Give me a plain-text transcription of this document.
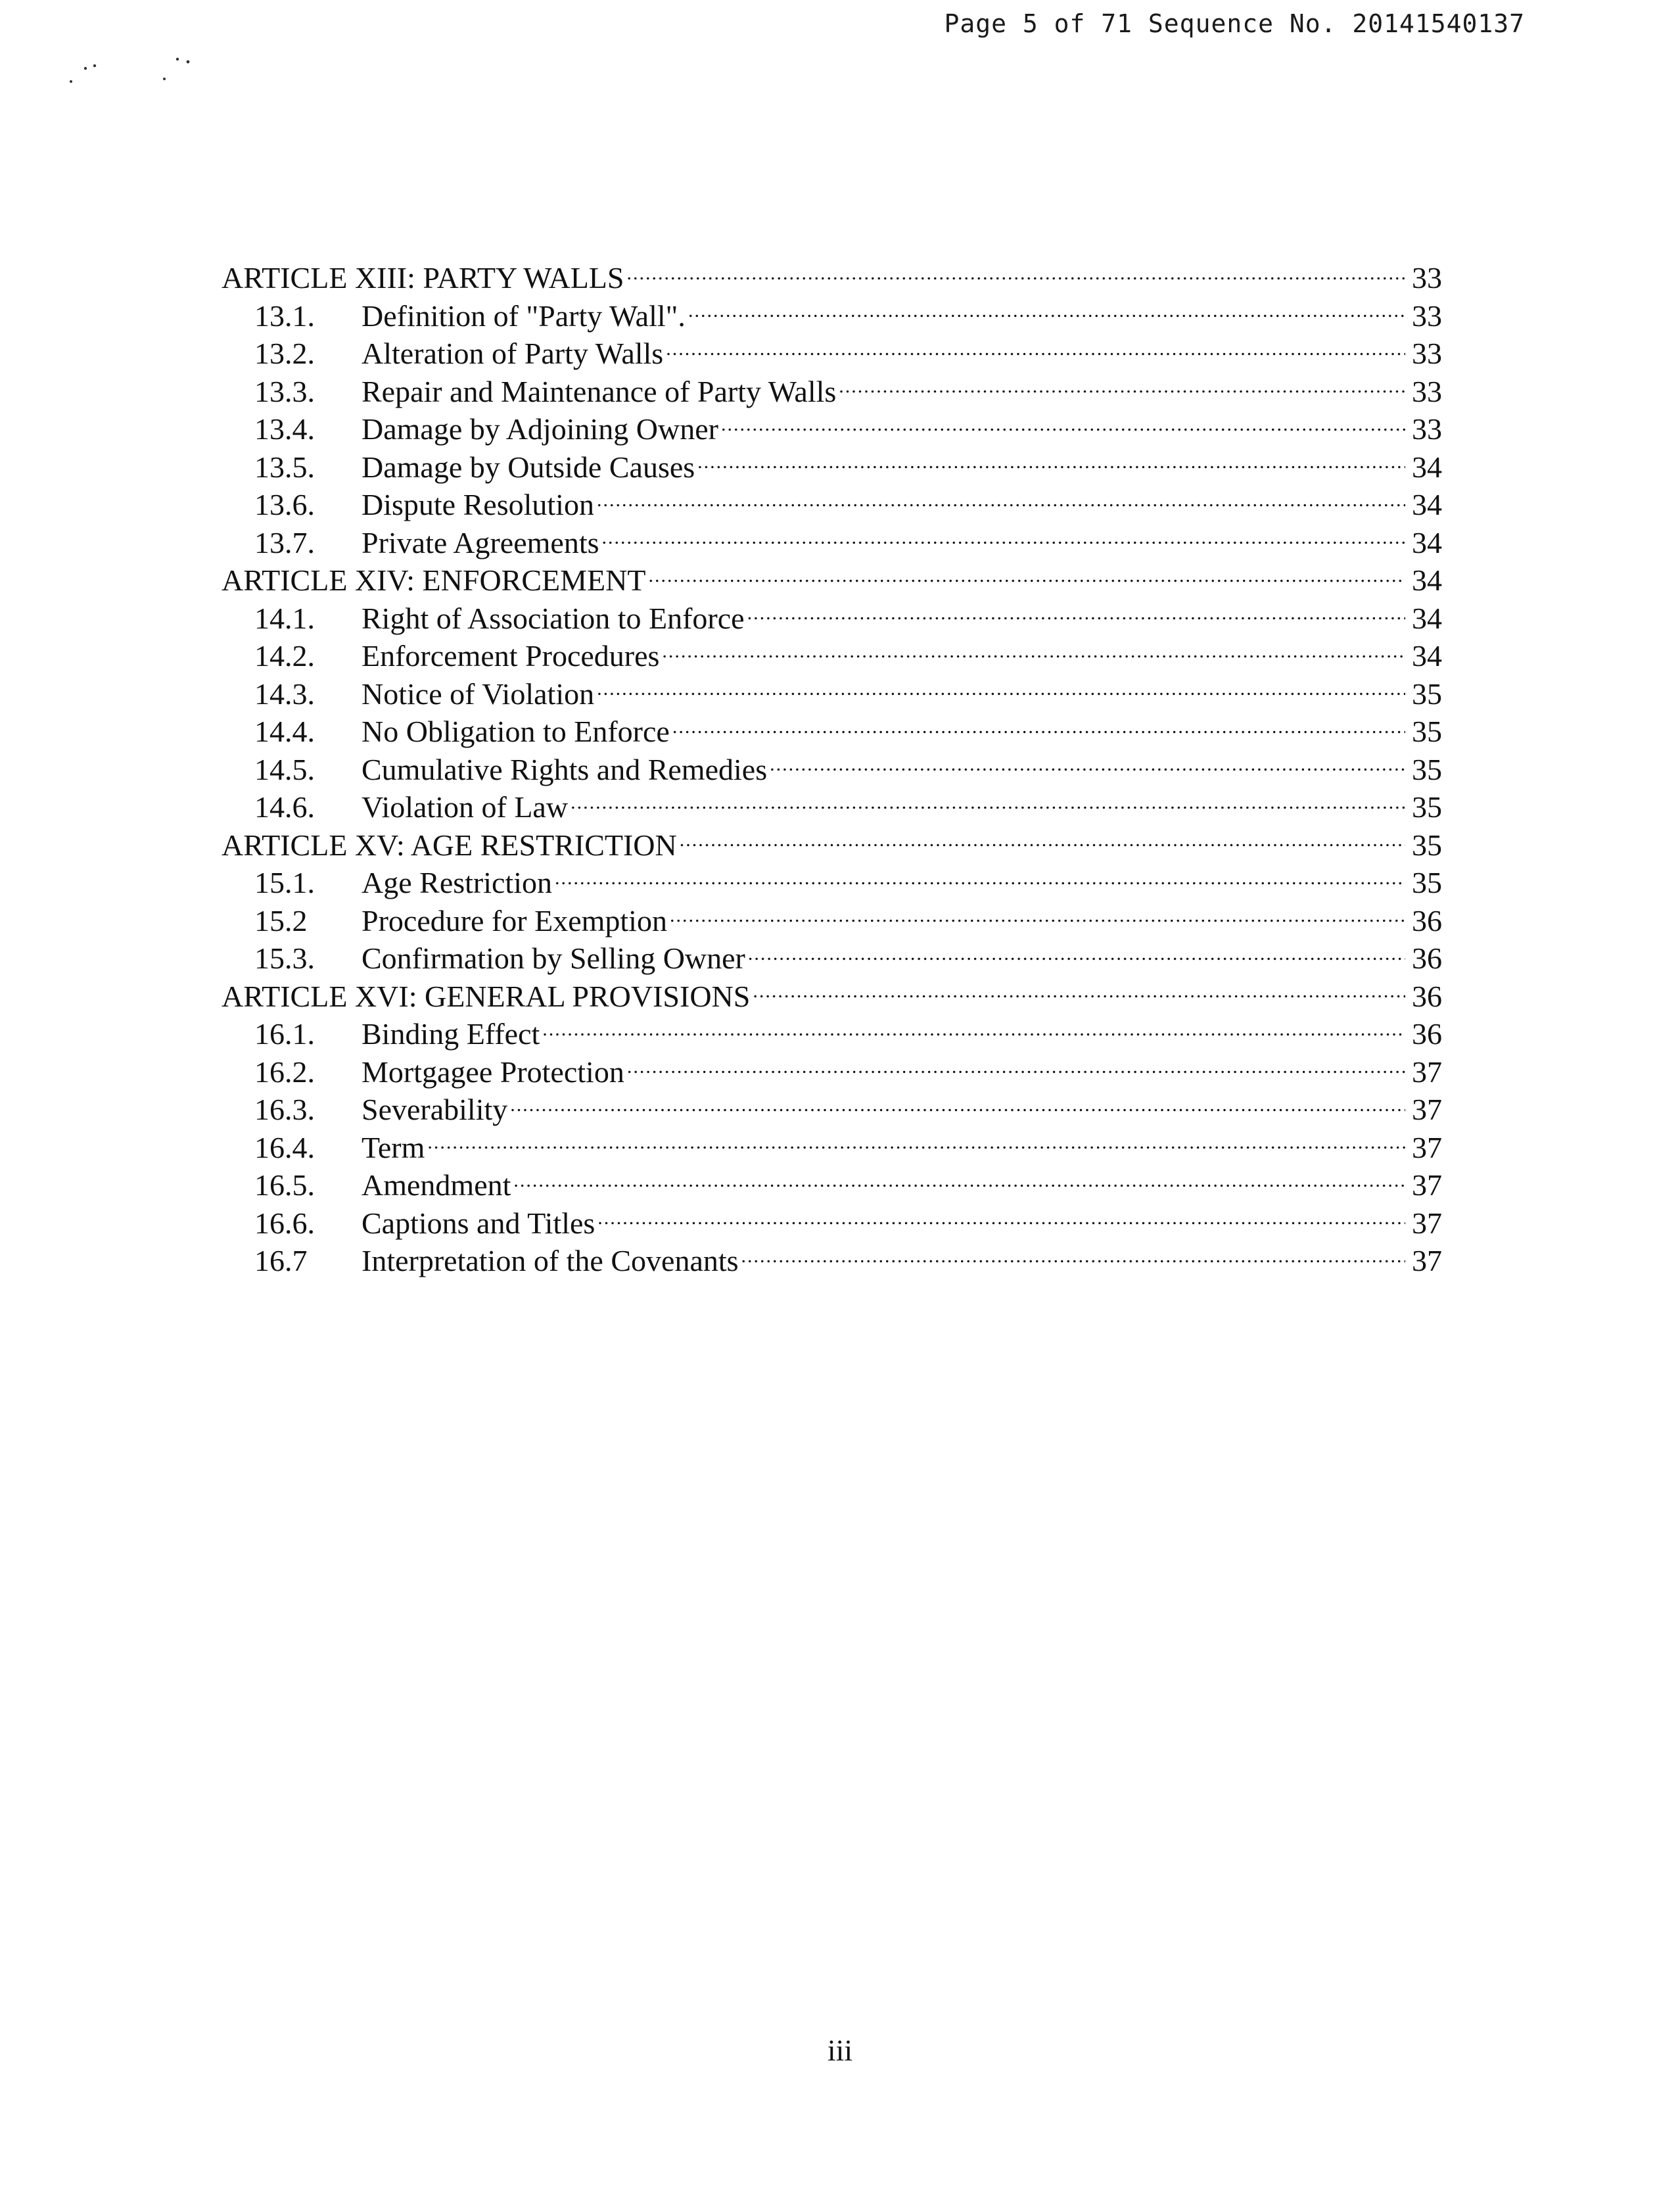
Page 5 of 71 Sequence No. 20141540137
ARTICLE XIII: PARTY WALLS .....	33
13.1.	Definition of "Party Wall". .....	33
13.2.	Alteration of Party Walls .....	33
13.3.	Repair and Maintenance of Party Walls .....	33
13.4.	Damage by Adjoining Owner .....	33
13.5.	Damage by Outside Causes .....	34
13.6.	Dispute Resolution .....	34
13.7.	Private Agreements .....	34
ARTICLE XIV: ENFORCEMENT .....	34
14.1.	Right of Association to Enforce .....	34
14.2.	Enforcement Procedures .....	34
14.3.	Notice of Violation .....	35
14.4.	No Obligation to Enforce .....	35
14.5.	Cumulative Rights and Remedies .....	35
14.6.	Violation of Law .....	35
ARTICLE XV: AGE RESTRICTION .....	35
15.1.	Age Restriction .....	35
15.2	Procedure for Exemption .....	36
15.3.	Confirmation by Selling Owner .....	36
ARTICLE XVI: GENERAL PROVISIONS .....	36
16.1.	Binding Effect .....	36
16.2.	Mortgagee Protection .....	37
16.3.	Severability .....	37
16.4.	Term .....	37
16.5.	Amendment .....	37
16.6.	Captions and Titles .....	37
16.7	Interpretation of the Covenants .....	37
iii
